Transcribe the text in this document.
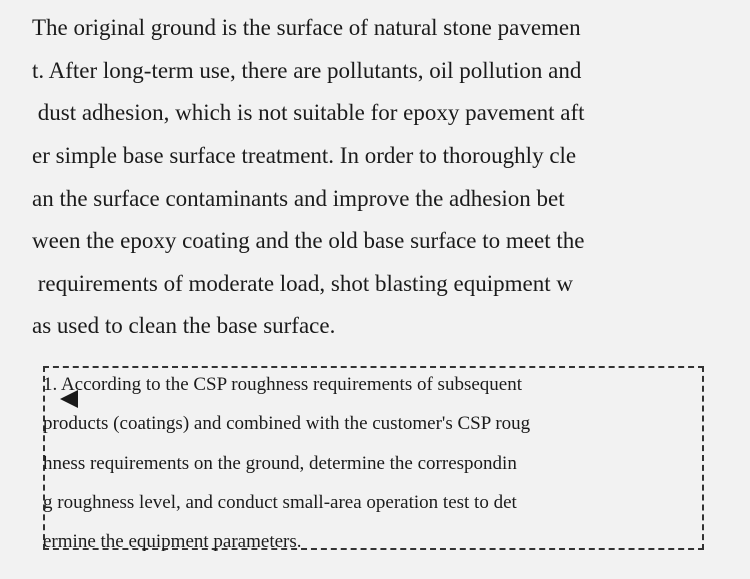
The original ground is the surface of natural stone pavemen
t. After long-term use, there are pollutants, oil pollution and
dust adhesion, which is not suitable for epoxy pavement aft
er simple base surface treatment. In order to thoroughly cle
an the surface contaminants and improve the adhesion bet
ween the epoxy coating and the old base surface to meet the
requirements of moderate load, shot blasting equipment w
as used to clean the base surface.
1. According to the CSP roughness requirements of subsequent
products (coatings) and combined with the customer's CSP roug
hness requirements on the ground, determine the correspondin
g roughness level, and conduct small-area operation test to det
ermine the equipment parameters.
